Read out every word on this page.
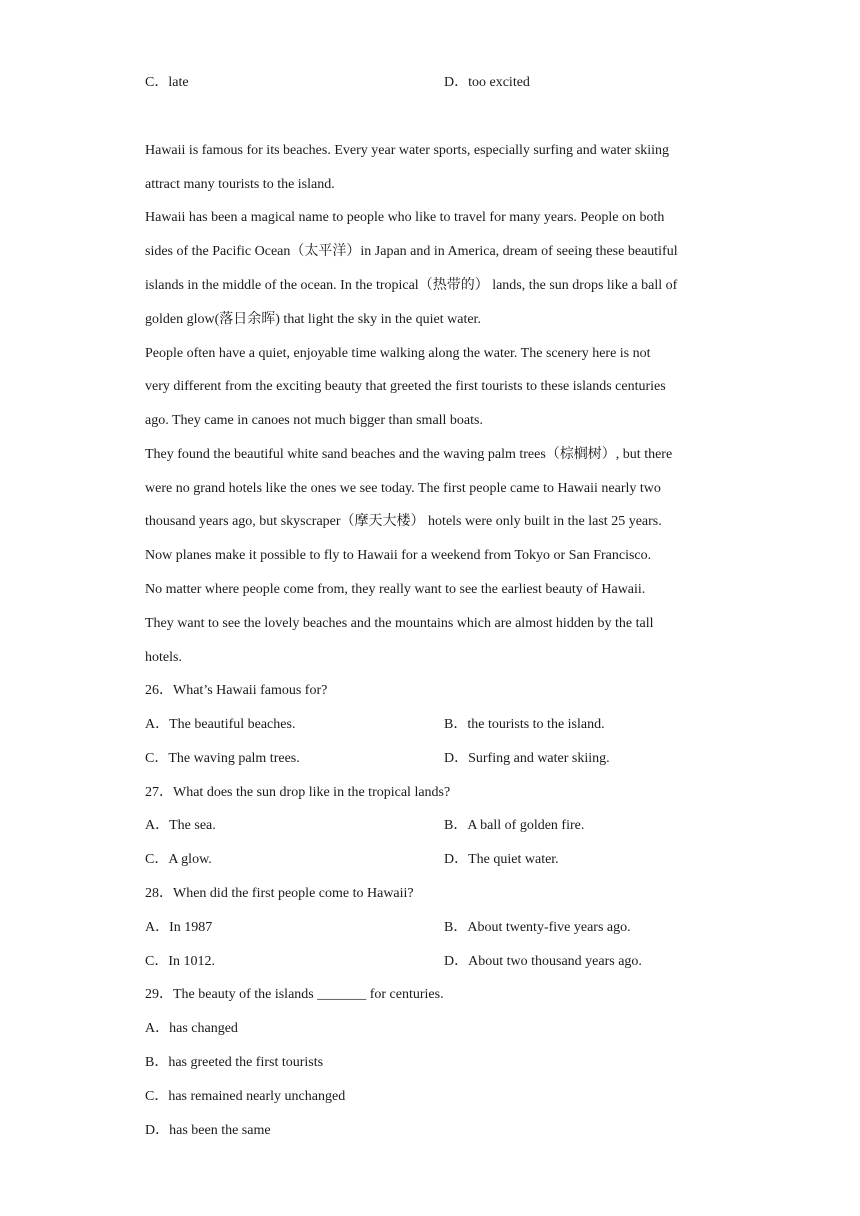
C．late	D．too excited
Hawaii is famous for its beaches. Every year water sports, especially surfing and water skiing
attract many tourists to the island.
Hawaii has been a magical name to people who like to travel for many years. People on both
sides of the Pacific Ocean（太平洋）in Japan and in America, dream of seeing these beautiful
islands in the middle of the ocean. In the tropical（热带的） lands, the sun drops like a ball of
golden glow(落日余晖) that light the sky in the quiet water.
People often have a quiet, enjoyable time walking along the water. The scenery here is not
very different from the exciting beauty that greeted the first tourists to these islands centuries
ago. They came in canoes not much bigger than small boats.
They found the beautiful white sand beaches and the waving palm trees（棕榈树）, but there
were no grand hotels like the ones we see today. The first people came to Hawaii nearly two
thousand years ago, but skyscraper（摩天大楼） hotels were only built in the last 25 years.
Now planes make it possible to fly to Hawaii for a weekend from Tokyo or San Francisco.
No matter where people come from, they really want to see the earliest beauty of Hawaii.
They want to see the lovely beaches and the mountains which are almost hidden by the tall
hotels.
26．What’s Hawaii famous for?
A．The beautiful beaches.	B．the tourists to the island.
C．The waving palm trees.	D．Surfing and water skiing.
27．What does the sun drop like in the tropical lands?
A．The sea.	B．A ball of golden fire.
C．A glow.	D．The quiet water.
28．When did the first people come to Hawaii?
A．In 1987	B．About twenty-five years ago.
C．In 1012.	D．About two thousand years ago.
29．The beauty of the islands _______ for centuries.
A．has changed
B．has greeted the first tourists
C．has remained nearly unchanged
D．has been the same
